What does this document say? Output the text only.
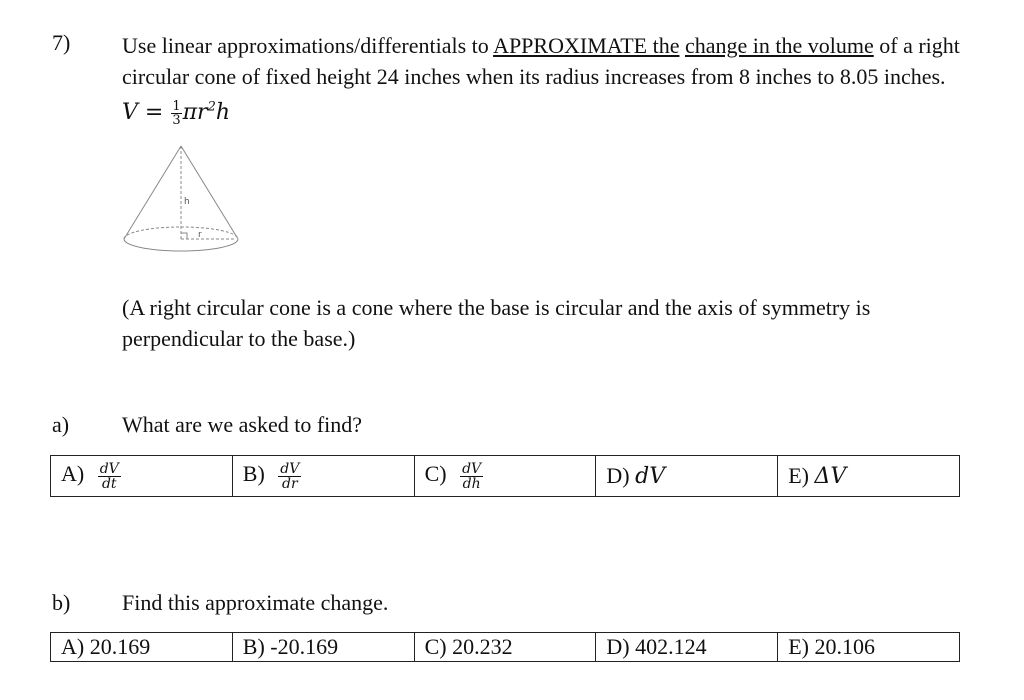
7) Use linear approximations/differentials to APPROXIMATE the change in the volume of a right circular cone of fixed height 24 inches when its radius increases from 8 inches to 8.05 inches.     $V = \frac{1}{3} \pi r^2h$
h
r
(A right circular cone is a cone where the base is circular and the axis of symmetry is perpendicular to the base.)
a) What are we asked to find?
$A) \frac{dV}{dt}$	$B) \frac{dV}{dr}$	$C) \frac{dV}{dh}$	D) dV	E) ΔV
b) Find this approximate change.
A) 20.169	B) -20.169	C) 20.232	D) 402.124	E) 20.106
